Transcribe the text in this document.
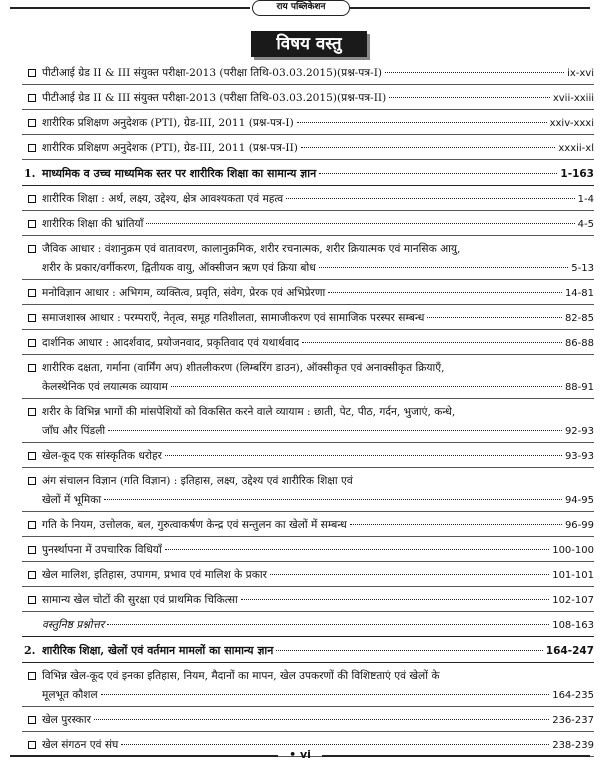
राय पब्लिकेशन
विषय वस्तु
पीटीआई ग्रेड II & III संयुक्त परीक्षा-2013 (परीक्षा तिथि-03.03.2015)(प्रश्न-पत्र-I)	ix-xvi
पीटीआई ग्रेड II & III संयुक्त परीक्षा-2013 (परीक्षा तिथि-03.03.2015)(प्रश्न-पत्र-II)	xvii-xxiii
शारीरिक प्रशिक्षण अनुदेशक (PTI), ग्रेड-III, 2011 (प्रश्न-पत्र-I)	xxiv-xxxi
शारीरिक प्रशिक्षण अनुदेशक (PTI), ग्रेड-III, 2011 (प्रश्न-पत्र-II)	xxxii-xl
1. माध्यमिक व उच्च माध्यमिक स्तर पर शारीरिक शिक्षा का सामान्य ज्ञान	1-163
शारीरिक शिक्षा : अर्थ, लक्ष्य, उद्देश्य, क्षेत्र आवश्यकता एवं महत्व	1-4
शारीरिक शिक्षा की भ्रांतियाँ	4-5
जैविक आधार : वंशानुक्रम एवं वातावरण, कालानुक्रमिक, शरीर रचनात्मक, शरीर क्रियात्मक एवं मानसिक आयु,
शरीर के प्रकार/वर्गीकरण, द्वितीयक वायु, ऑक्सीजन ऋण एवं क्रिया बोध	5-13
मनोविज्ञान आधार : अभिगम, व्यक्तित्व, प्रवृति, संवेग, प्रेरक एवं अभिप्रेरणा	14-81
समाजशास्त्र आधार : परम्पराएँ, नेतृत्व, समूह गतिशीलता, सामाजीकरण एवं सामाजिक परस्पर सम्बन्ध	82-85
दार्शनिक आधार : आदर्शवाद, प्रयोजनवाद, प्रकृतिवाद एवं यथार्थवाद	86-88
शारीरिक दक्षता, गर्माना (वार्मिंग अप) शीतलीकरण (लिम्बरिंग डाउन), ऑक्सीकृत एवं अनाक्सीकृत क्रियाएँ,
केलस्थेनिक एवं लयात्मक व्यायाम	88-91
शरीर के विभिन्न भागों की मांसपेशियों को विकसित करने वाले व्यायाम : छाती, पेट, पीठ, गर्दन, भुजाएं, कन्धे,
जाँघ और पिंडली	92-93
खेल-कूद एक सांस्कृतिक धरोहर	93-93
अंग संचालन विज्ञान (गति विज्ञान) : इतिहास, लक्ष्य, उद्देश्य एवं शारीरिक शिक्षा एवं
खेलों में भूमिका	94-95
गति के नियम, उत्तोलक, बल, गुरुत्वाकर्षण केन्द्र एवं सन्तुलन का खेलों में सम्बन्ध	96-99
पुनर्स्थापना में उपचारिक विधियाँ	100-100
खेल मालिश, इतिहास, उपागम, प्रभाव एवं मालिश के प्रकार	101-101
सामान्य खेल चोटों की सुरक्षा एवं प्राथमिक चिकित्सा	102-107
वस्तुनिष्ठ प्रश्नोत्तर	108-163
2. शारीरिक शिक्षा, खेलों एवं वर्तमान मामलों का सामान्य ज्ञान	164-247
विभिन्न खेल-कूद एवं इनका इतिहास, नियम, मैदानों का मापन, खेल उपकरणों की विशिष्टताएं एवं खेलों के
मूलभूत कौशल	164-235
खेल पुरस्कार	236-237
खेल संगठन एवं संघ	238-239
• vi
